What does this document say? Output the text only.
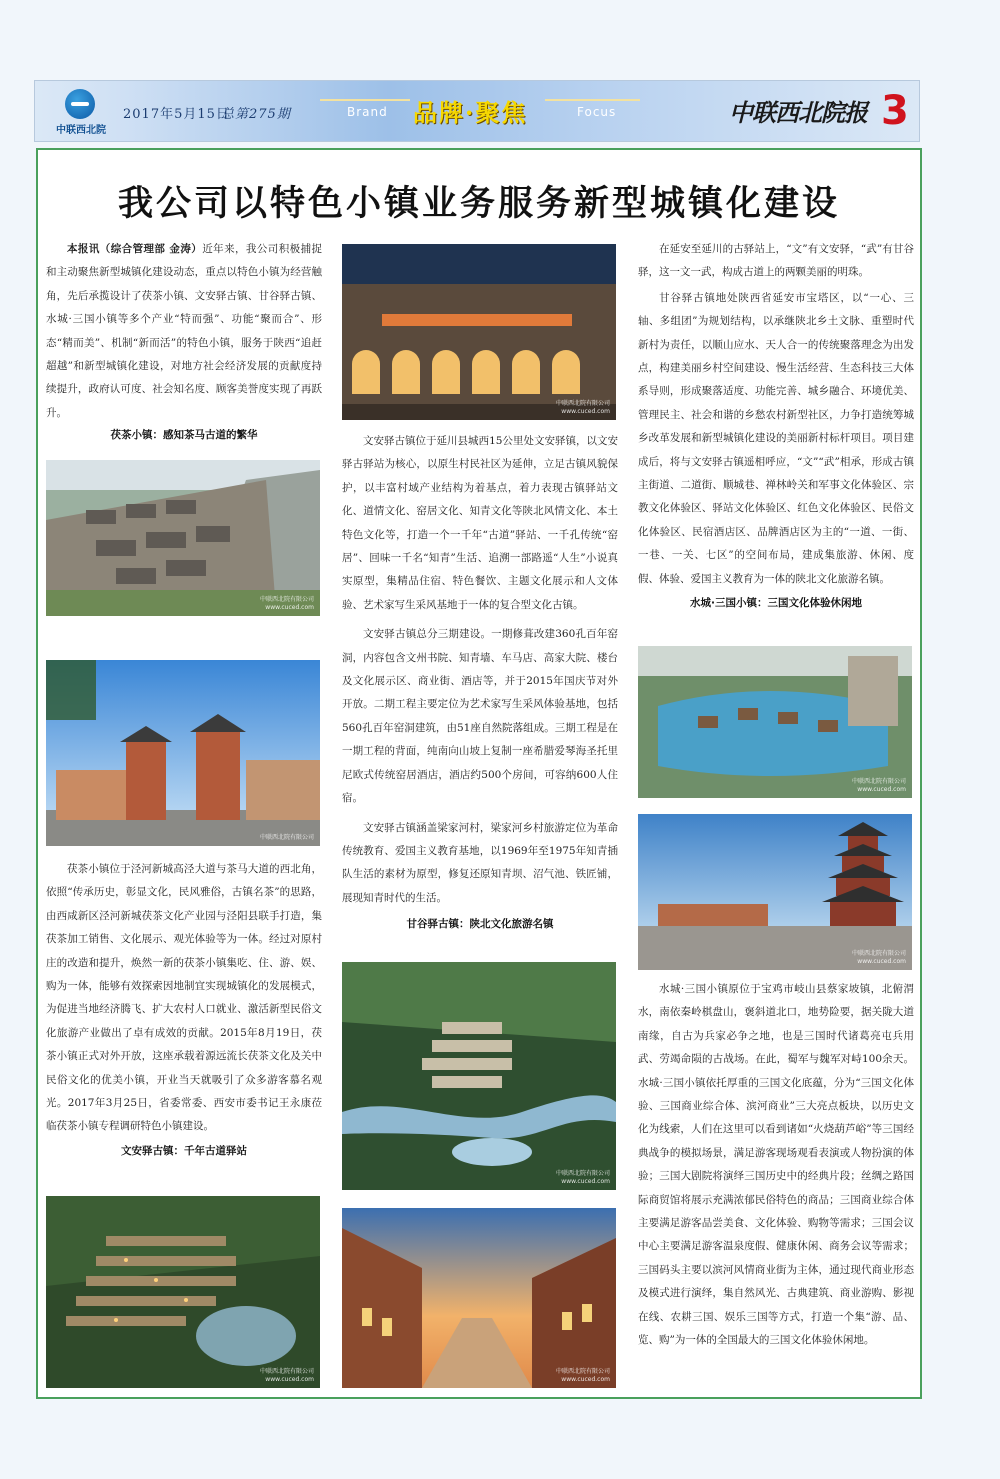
中联西北院
2017年5月15日
总第275期	Brand 品牌·聚焦	Focus	中联西北院报 3
我公司以特色小镇业务服务新型城镇化建设

本报讯（综合管理部 金涛）近年来，我公司积极捕捉和主动聚焦新型城镇化建设动态，重点以特色小镇为经营触角，先后承揽设计了茯茶小镇、文安驿古镇、甘谷驿古镇、水城·三国小镇等多个产业“特而强”、功能“聚而合”、形态“精而美”、机制“新而活”的特色小镇，服务于陕西“追赶超越”和新型城镇化建设，对地方社会经济发展的贡献度持续提升，政府认可度、社会知名度、顾客美誉度实现了再跃升。

茯茶小镇：感知茶马古道的繁华
中联西北院有限公司
www.cuced.com
中联西北院有限公司

茯茶小镇位于泾河新城高泾大道与茶马大道的西北角，依照“传承历史，彰显文化，民风雅俗，古镇名茶”的思路，由西咸新区泾河新城茯茶文化产业园与泾阳县联手打造，集茯茶加工销售、文化展示、观光体验等为一体。经过对原村庄的改造和提升，焕然一新的茯茶小镇集吃、住、游、娱、购为一体，能够有效探索因地制宜实现城镇化的发展模式，为促进当地经济腾飞、扩大农村人口就业、激活新型民俗文化旅游产业做出了卓有成效的贡献。2015年8月19日，茯茶小镇正式对外开放，这座承载着源远流长茯茶文化及关中民俗文化的优美小镇，开业当天就吸引了众多游客慕名观光。2017年3月25日，省委常委、西安市委书记王永康莅临茯茶小镇专程调研特色小镇建设。

文安驿古镇：千年古道驿站
中联西北院有限公司
www.cuced.com
中联西北院有限公司
www.cuced.com

文安驿古镇位于延川县城西15公里处文安驿镇，以文安驿古驿站为核心，以原生村民社区为延伸，立足古镇风貌保护，以丰富村域产业结构为着基点，着力表现古镇驿站文化、道情文化、窑居文化、知青文化等陕北风情文化、本土特色文化等，打造一个一千年“古道”驿站、一千孔传统“窑居”、回味一千名“知青”生活、追溯一部路遥“人生”小说真实原型，集精品住宿、特色餐饮、主题文化展示和人文体验、艺术家写生采风基地于一体的复合型文化古镇。

文安驿古镇总分三期建设。一期修葺改建360孔百年窑洞，内容包含文州书院、知青墙、车马店、高家大院、楼台及文化展示区、商业街、酒店等，并于2015年国庆节对外开放。二期工程主要定位为艺术家写生采风体验基地，包括560孔百年窑洞建筑，由51座自然院落组成。三期工程是在一期工程的背面，纯南向山坡上复制一座希腊爱琴海圣托里尼欧式传统窑居酒店，酒店约500个房间，可容纳600人住宿。

文安驿古镇涵盖梁家河村，梁家河乡村旅游定位为革命传统教育、爱国主义教育基地，以1969年至1975年知青插队生活的素材为原型，修复还原知青坝、沼气池、铁匠铺，展现知青时代的生活。

甘谷驿古镇：陕北文化旅游名镇
中联西北院有限公司
www.cuced.com
中联西北院有限公司
www.cuced.com

在延安至延川的古驿站上，“文”有文安驿，“武”有甘谷驿，这一文一武，构成古道上的两颗美丽的明珠。

甘谷驿古镇地处陕西省延安市宝塔区，以“一心、三轴、多组团”为规划结构，以承继陕北乡土文脉、重塑时代新村为责任，以顺山应水、天人合一的传统聚落理念为出发点，构建美丽乡村空间建设、慢生活经营、生态科技三大体系导则，形成聚落适度、功能完善、城乡融合、环境优美、管理民主、社会和谐的乡愁农村新型社区，力争打造统筹城乡改革发展和新型城镇化建设的美丽新村标杆项目。项目建成后，将与文安驿古镇遥相呼应，“文”“武”相承，形成古镇主街道、二道街、顺城巷、禅林岭关和军事文化体验区、宗教文化体验区、驿站文化体验区、红色文化体验区、民俗文化体验区、民宿酒店区、品牌酒店区为主的“一道、一街、一巷、一关、七区”的空间布局，建成集旅游、休闲、度假、体验、爱国主义教育为一体的陕北文化旅游名镇。

水城·三国小镇：三国文化体验休闲地
中联西北院有限公司
www.cuced.com
中联西北院有限公司
www.cuced.com

水城·三国小镇原位于宝鸡市岐山县蔡家坡镇，北俯渭水，南依秦岭棋盘山，褒斜道北口，地势险要，据关陇大道南缘，自古为兵家必争之地，也是三国时代诸葛亮屯兵用武、劳竭命陨的古战场。在此，蜀军与魏军对峙100余天。水城·三国小镇依托厚重的三国文化底蕴，分为“三国文化体验、三国商业综合体、滨河商业”三大亮点板块，以历史文化为线索，人们在这里可以看到诸如“火烧葫芦峪”等三国经典战争的模拟场景，满足游客现场观看表演或人物扮演的体验；三国大剧院将演绎三国历史中的经典片段；丝绸之路国际商贸馆将展示充满浓郁民俗特色的商品；三国商业综合体主要满足游客品尝美食、文化体验、购物等需求；三国会议中心主要满足游客温泉度假、健康休闲、商务会议等需求；三国码头主要以滨河风情商业街为主体，通过现代商业形态及模式进行演绎，集自然风光、古典建筑、商业游购、影视在线、农耕三国、娱乐三国等方式，打造一个集“游、品、览、购”为一体的全国最大的三国文化体验休闲地。
